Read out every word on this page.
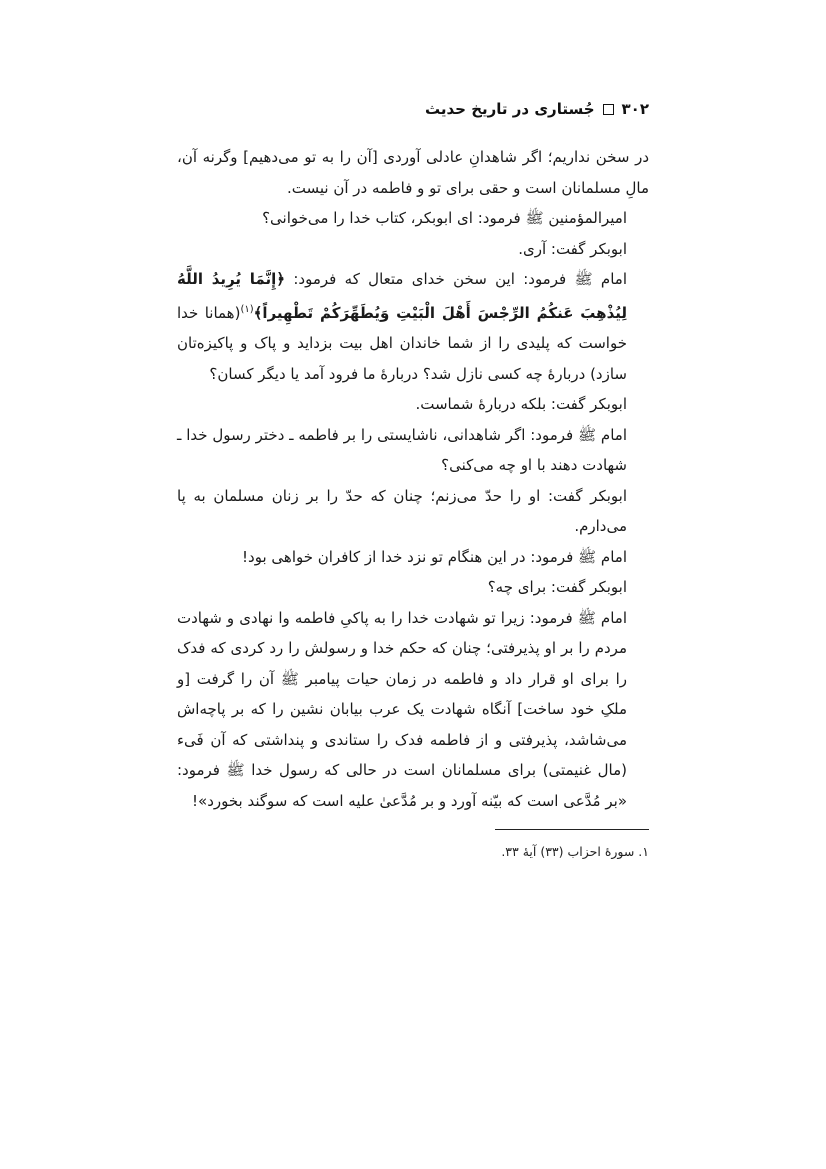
۳۰۲
جُستاری در تاریخ حدیث

در سخن نداریم؛ اگر شاهدانِ عادلی آوردی [آن را به تو می‌دهیم] وگرنه آن، مالِ مسلمانان است و حقی برای تو و فاطمه در آن نیست.

امیرالمؤمنین ﷺ فرمود: ای ابوبکر، کتاب خدا را می‌خوانی؟

ابوبکر گفت: آری.

امام ﷺ فرمود: این سخن خدای متعال که فرمود: ﴿إِنَّمَا يُرِيدُ اللَّهُ لِيُذْهِبَ عَنكُمُ الرِّجْسَ أَهْلَ الْبَيْتِ وَيُطَهِّرَكُمْ تَطْهِيراً﴾$^{(۱)}$(همانا خدا خواست که پلیدی را از شما خاندان اهل بیت بزداید و پاک و پاکیزه‌تان سازد) دربارهٔ چه کسی نازل شد؟ دربارهٔ ما فرود آمد یا دیگر کسان؟

ابوبکر گفت: بلکه دربارهٔ شماست.

امام ﷺ فرمود: اگر شاهدانی، ناشایستی را بر فاطمه ـ دختر رسول خدا ـ شهادت دهند با او چه می‌کنی؟

ابوبکر گفت: او را حدّ می‌زنم؛ چنان که حدّ را بر زنان مسلمان به پا می‌دارم.

امام ﷺ فرمود: در این هنگام تو نزد خدا از کافران خواهی بود!

ابوبکر گفت: برای چه؟

امام ﷺ فرمود: زیرا تو شهادت خدا را به پاکیِ فاطمه وا نهادی و شهادت مردم را بر او پذیرفتی؛ چنان که حکم خدا و رسولش را رد کردی که فدک را برای او قرار داد و فاطمه در زمان حیات پیامبر ﷺ آن را گرفت [و ملکِ خود ساخت] آنگاه شهادت یک عرب بیابان نشین را که بر پاچه‌اش می‌شاشد، پذیرفتی و از فاطمه فدک را ستاندی و پنداشتی که آن فَیء (مال غنیمتی) برای مسلمانان است در حالی که رسول خدا ﷺ فرمود: «بر مُدَّعی است که بیّنه آورد و بر مُدَّعیٰ علیه است که سوگند بخورد»!

۱. سورهٔ احزاب (۳۳) آیهٔ ۳۳.
